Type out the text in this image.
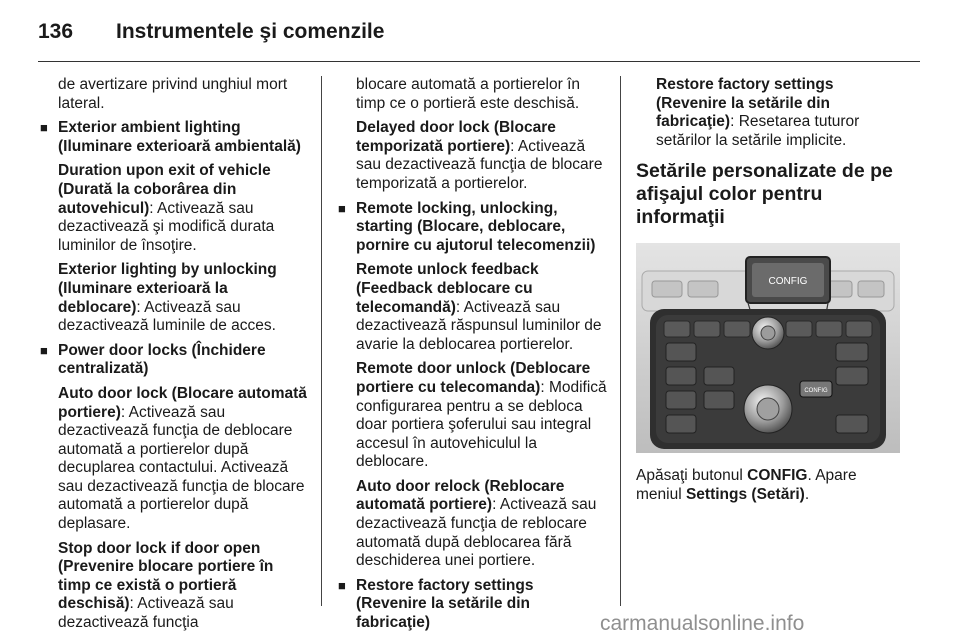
136 Instrumentele şi comenzile
de avertizare privind unghiul mort lateral.
■ Exterior ambient lighting (Iluminare exterioară ambientală)
Duration upon exit of vehicle (Durată la coborârea din autovehicul): Activează sau dezactivează şi modifică durata luminilor de însoţire.
Exterior lighting by unlocking (Iluminare exterioară la deblocare): Activează sau dezactivează luminile de acces.
■ Power door locks (Închidere centralizată)
Auto door lock (Blocare automată portiere): Activează sau dezactivează funcţia de deblocare automată a portierelor după decuplarea contactului. Activează sau dezactivează funcţia de blocare automată a portierelor după deplasare.
Stop door lock if door open (Prevenire blocare portiere în timp ce există o portieră deschisă): Activează sau dezactivează funcţia
blocare automată a portierelor în timp ce o portieră este deschisă.
Delayed door lock (Blocare temporizată portiere): Activează sau dezactivează funcţia de blocare temporizată a portierelor.
■ Remote locking, unlocking, starting (Blocare, deblocare, pornire cu ajutorul telecomenzii)
Remote unlock feedback (Feedback deblocare cu telecomandă): Activează sau dezactivează răspunsul luminilor de avarie la deblocarea portierelor.
Remote door unlock (Deblocare portiere cu telecomanda): Modifică configurarea pentru a se debloca doar portiera şoferului sau integral accesul în autovehiculul la deblocare.
Auto door relock (Reblocare automată portiere): Activează sau dezactivează funcţia de reblocare automată după deblocarea fără deschiderea unei portiere.
■ Restore factory settings (Revenire la setările din fabricaţie)
Restore factory settings (Revenire la setările din fabricaţie): Resetarea tuturor setărilor la setările implicite.
Setările personalizate de pe afişajul color pentru informaţii
CONFIG
CONFIG
Apăsaţi butonul CONFIG. Apare meniul Settings (Setări).
carmanualsonline.info
